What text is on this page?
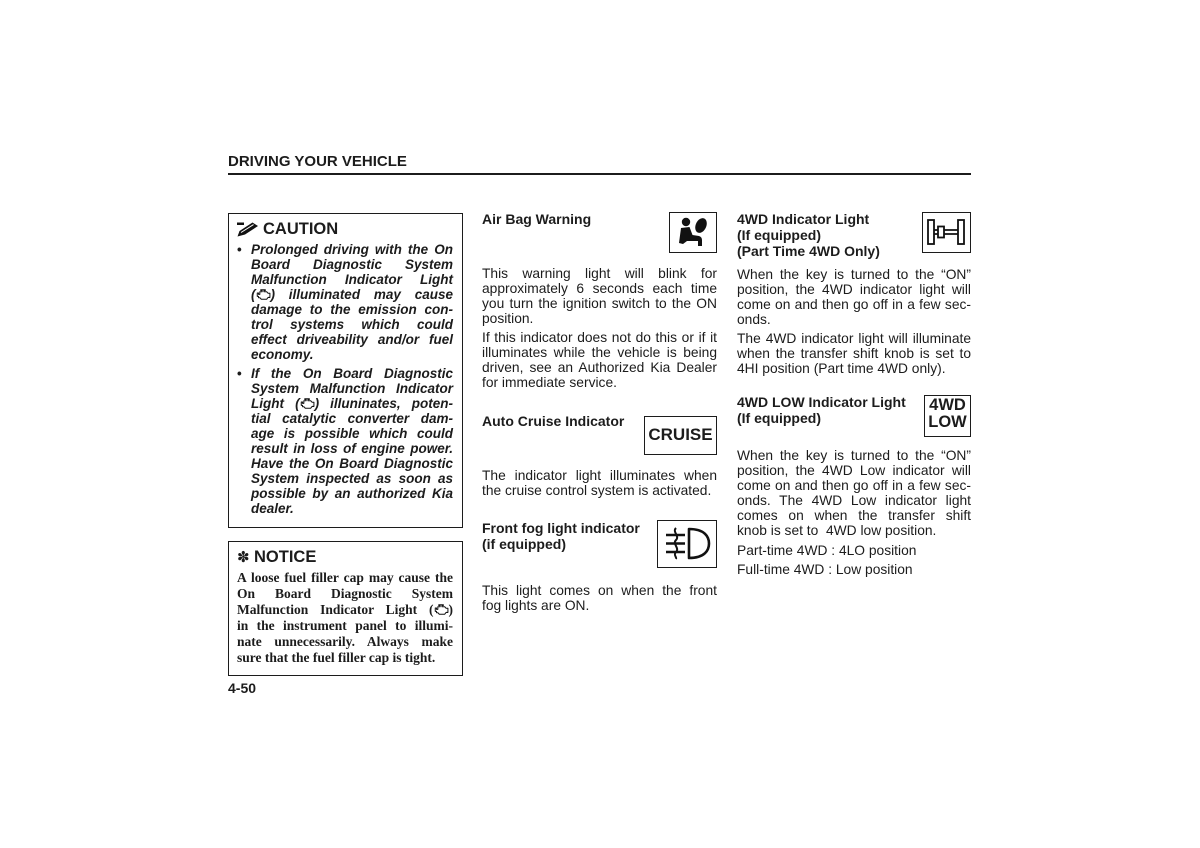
DRIVING YOUR VEHICLE
CAUTION
• Prolonged driving with the On
Board Diagnostic System
Malfunction Indicator Light
( ) illuminated may cause
damage to the emission con-
trol systems which could
effect driveability and/or fuel
economy.
• If the On Board Diagnostic
System Malfunction Indicator
Light ( ) illuninates, poten-
tial catalytic converter dam-
age is possible which could
result in loss of engine power.
Have the On Board Diagnostic
System inspected as soon as
possible by an authorized Kia
dealer.
✽ NOTICE
A loose fuel filler cap may cause the
On Board Diagnostic System
Malfunction Indicator Light ( )
in the instrument panel to illumi-
nate unnecessarily. Always make
sure that the fuel filler cap is tight.
4-50
Air Bag Warning
This warning light will blink for
approximately 6 seconds each time
you turn the ignition switch to the ON
position.
If this indicator does not do this or if it
illuminates while the vehicle is being
driven, see an Authorized Kia Dealer
for immediate service.
Auto Cruise Indicator
CRUISE
The indicator light illuminates when
the cruise control system is activated.
Front fog light indicator
(if equipped)
This light comes on when the front
fog lights are ON.
4WD Indicator Light
(If equipped)
(Part Time 4WD Only)
When the key is turned to the “ON”
position, the 4WD indicator light will
come on and then go off in a few sec-
onds.
The 4WD indicator light will illuminate
when the transfer shift knob is set to
4HI position (Part time 4WD only).
4WD LOW Indicator Light
(If equipped)
4WD
LOW
When the key is turned to the “ON”
position, the 4WD Low indicator will
come on and then go off in a few sec-
onds. The 4WD Low indicator light
comes on when the transfer shift
knob is set to  4WD low position.
Part-time 4WD : 4LO position
Full-time 4WD : Low position
